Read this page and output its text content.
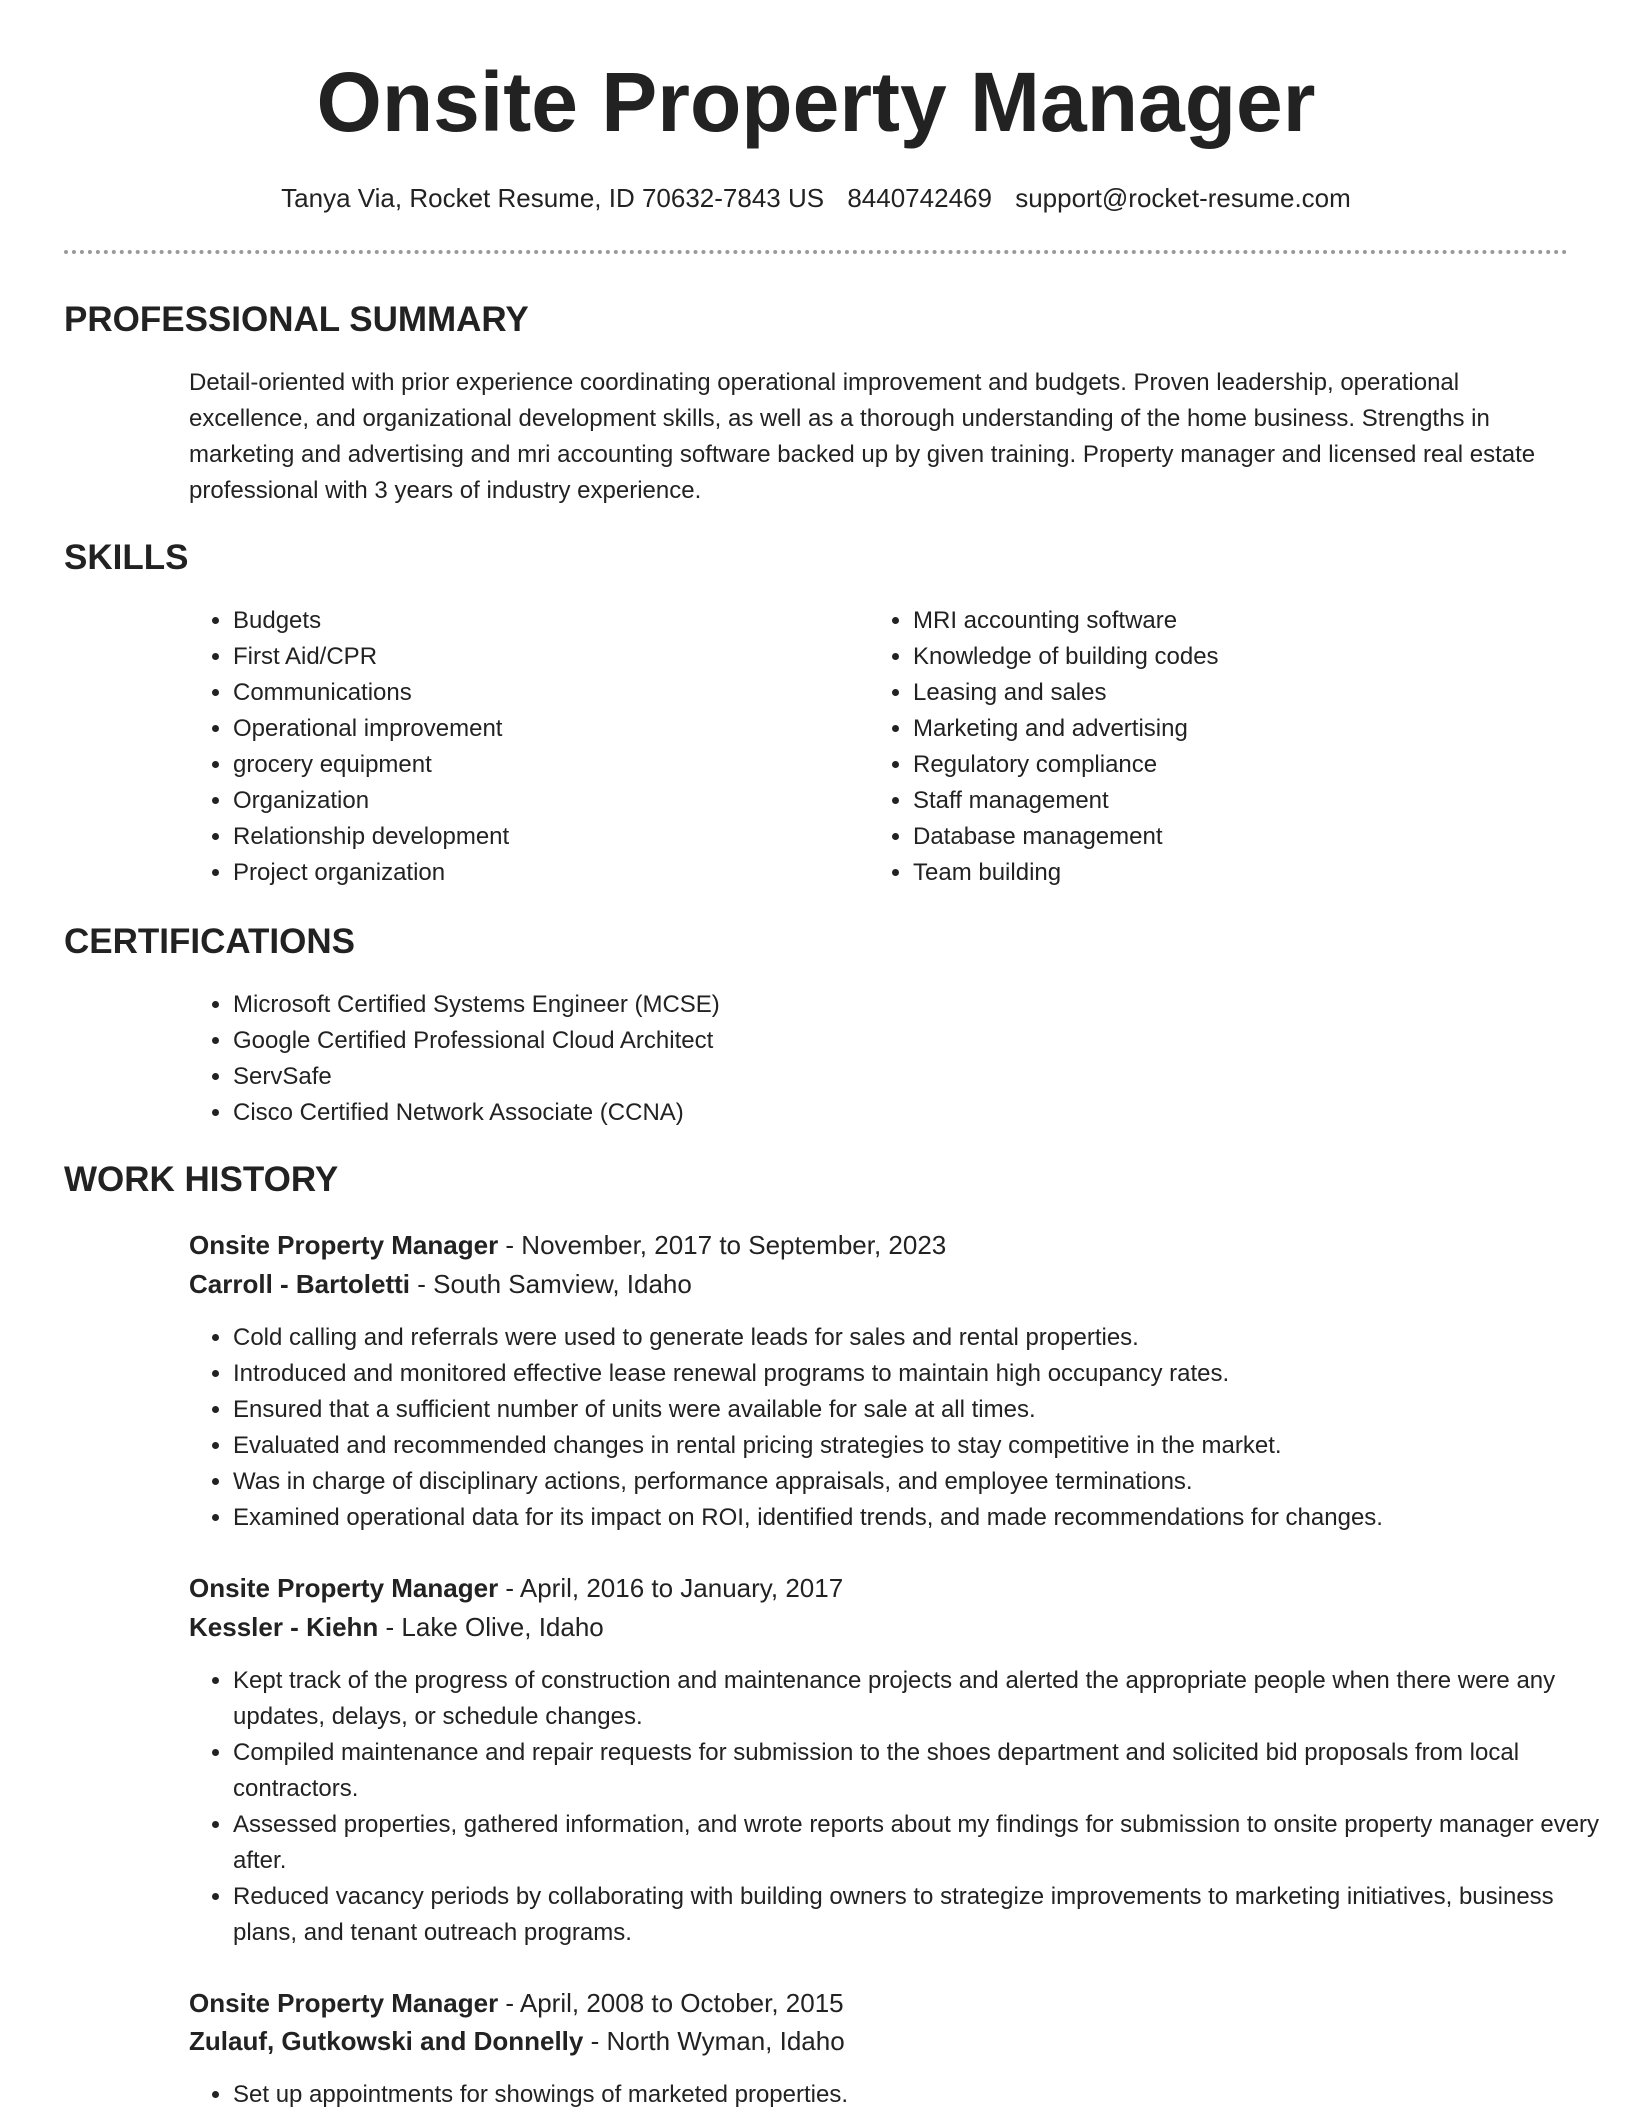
Onsite Property Manager
Tanya Via, Rocket Resume, ID 70632-7843 US 8440742469 support@rocket-resume.com
PROFESSIONAL SUMMARY

Detail-oriented with prior experience coordinating operational improvement and budgets. Proven leadership, operational excellence, and organizational development skills, as well as a thorough understanding of the home business. Strengths in marketing and advertising and mri accounting software backed up by given training. Property manager and licensed real estate professional with 3 years of industry experience.

SKILLS
• Budgets
• First Aid/CPR
• Communications
• Operational improvement
• grocery equipment
• Organization
• Relationship development
• Project organization
• MRI accounting software
• Knowledge of building codes
• Leasing and sales
• Marketing and advertising
• Regulatory compliance
• Staff management
• Database management
• Team building
CERTIFICATIONS
• Microsoft Certified Systems Engineer (MCSE)
• Google Certified Professional Cloud Architect
• ServSafe
• Cisco Certified Network Associate (CCNA)
WORK HISTORY
Onsite Property Manager - November, 2017 to September, 2023
Carroll - Bartoletti - South Samview, Idaho
• Cold calling and referrals were used to generate leads for sales and rental properties.
• Introduced and monitored effective lease renewal programs to maintain high occupancy rates.
• Ensured that a sufficient number of units were available for sale at all times.
• Evaluated and recommended changes in rental pricing strategies to stay competitive in the market.
• Was in charge of disciplinary actions, performance appraisals, and employee terminations.
• Examined operational data for its impact on ROI, identified trends, and made recommendations for changes.
Onsite Property Manager - April, 2016 to January, 2017
Kessler - Kiehn - Lake Olive, Idaho
• Kept track of the progress of construction and maintenance projects and alerted the appropriate people when there were any updates, delays, or schedule changes.
• Compiled maintenance and repair requests for submission to the shoes department and solicited bid proposals from local contractors.
• Assessed properties, gathered information, and wrote reports about my findings for submission to onsite property manager every after.
• Reduced vacancy periods by collaborating with building owners to strategize improvements to marketing initiatives, business plans, and tenant outreach programs.
Onsite Property Manager - April, 2008 to October, 2015
Zulauf, Gutkowski and Donnelly - North Wyman, Idaho
• Set up appointments for showings of marketed properties.
